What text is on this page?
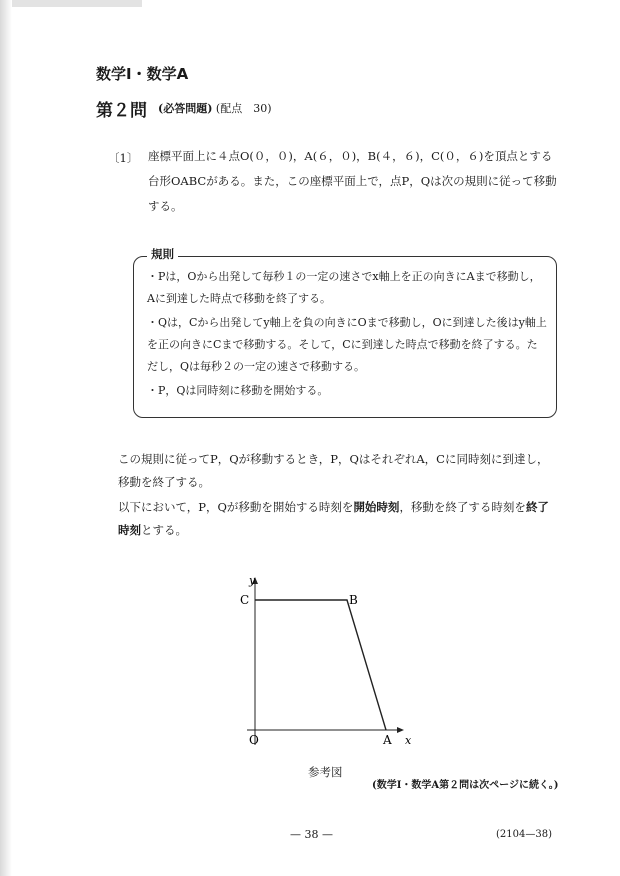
数学Ⅰ・数学A
第２問 (必答問題) (配点　30)
〔1〕 座標平面上に４点O(０，０)，A(６，０)，B(４，６)，C(０，６)を頂点とする台形OABCがある。また，この座標平面上で，点P，Qは次の規則に従って移動する。
規則
・Pは，Oから出発して毎秒１の一定の速さでx軸上を正の向きにAまで移動し，Aに到達した時点で移動を終了する。
・Qは，Cから出発してy軸上を負の向きにOまで移動し，Oに到達した後はy軸上を正の向きにCまで移動する。そして，Cに到達した時点で移動を終了する。ただし，Qは毎秒２の一定の速さで移動する。
・P，Qは同時刻に移動を開始する。
この規則に従ってP，Qが移動するとき，P，QはそれぞれA，Cに同時刻に到達し，移動を終了する。
以下において，P，Qが移動を開始する時刻を開始時刻，移動を終了する時刻を終了時刻とする。
y
C	B
O	A x
参考図
(数学Ⅰ・数学A第２問は次ページに続く。)
— 38 —	(2104—38)
